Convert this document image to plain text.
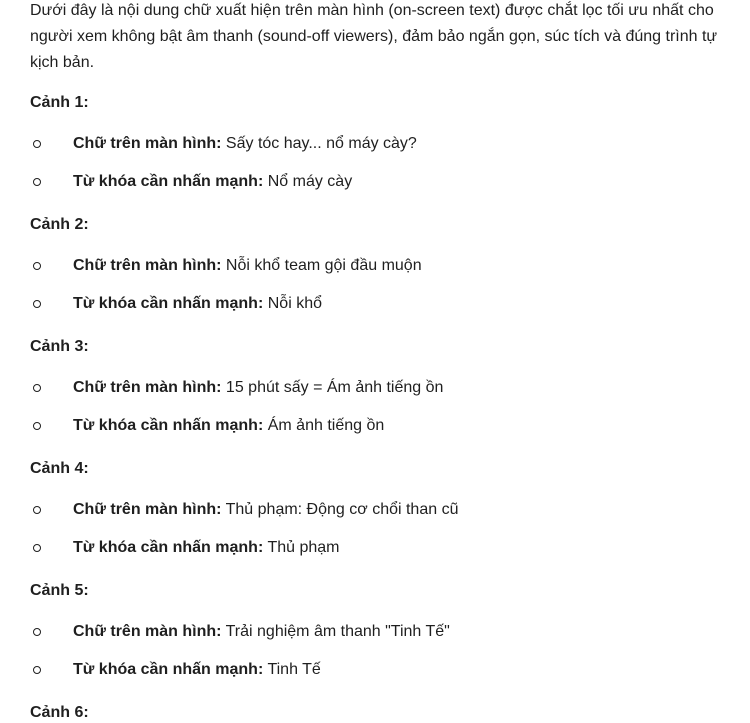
Dưới đây là nội dung chữ xuất hiện trên màn hình (on-screen text) được chắt lọc tối ưu nhất cho người xem không bật âm thanh (sound-off viewers), đảm bảo ngắn gọn, súc tích và đúng trình tự kịch bản.

Cảnh 1:
Chữ trên màn hình: Sấy tóc hay... nổ máy cày?
Từ khóa cần nhấn mạnh: Nổ máy cày
Cảnh 2:
Chữ trên màn hình: Nỗi khổ team gội đầu muộn
Từ khóa cần nhấn mạnh: Nỗi khổ
Cảnh 3:
Chữ trên màn hình: 15 phút sấy = Ám ảnh tiếng ồn
Từ khóa cần nhấn mạnh: Ám ảnh tiếng ồn
Cảnh 4:
Chữ trên màn hình: Thủ phạm: Động cơ chổi than cũ
Từ khóa cần nhấn mạnh: Thủ phạm
Cảnh 5:
Chữ trên màn hình: Trải nghiệm âm thanh "Tinh Tế"
Từ khóa cần nhấn mạnh: Tinh Tế
Cảnh 6:
